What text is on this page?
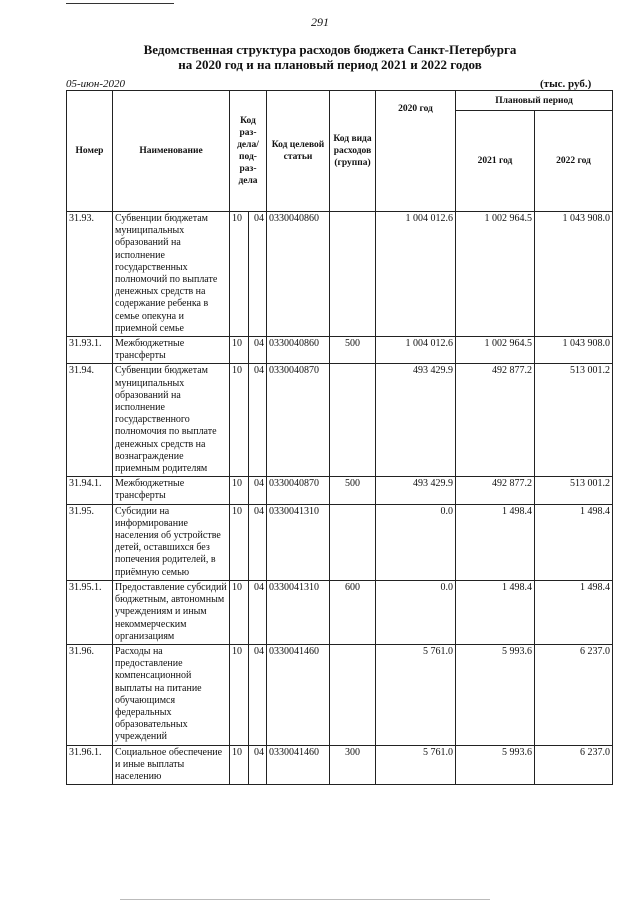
291
Ведомственная структура расходов бюджета Санкт-Петербурга
на 2020 год и на плановый период 2021 и 2022 годов
05-июн-2020	(тыс. руб.)
Номер	Наименование	Код раз- дела/ под- раз- дела		Код целевой статьи	Код вида расходов (группа)	2020 год	Плановый период	
							2021 год	2022 год
31.93.	Субвенции бюджетам муниципальных образований на исполнение государственных полномочий по выплате денежных средств на содержание ребенка в семье опекуна и приемной семье	10	04	0330040860		1 004 012.6	1 002 964.5	1 043 908.0
31.93.1.	Межбюджетные трансферты	10	04	0330040860	500	1 004 012.6	1 002 964.5	1 043 908.0
31.94.	Субвенции бюджетам муниципальных образований на исполнение государственного полномочия по выплате денежных средств на вознаграждение приемным родителям	10	04	0330040870		493 429.9	492 877.2	513 001.2
31.94.1.	Межбюджетные трансферты	10	04	0330040870	500	493 429.9	492 877.2	513 001.2
31.95.	Субсидии на информирование населения об устройстве детей, оставшихся без попечения родителей, в приёмную семью	10	04	0330041310		0.0	1 498.4	1 498.4
31.95.1.	Предоставление субсидий бюджетным, автономным учреждениям и иным некоммерческим организациям	10	04	0330041310	600	0.0	1 498.4	1 498.4
31.96.	Расходы на предоставление компенсационной выплаты на питание обучающимся федеральных образовательных учреждений	10	04	0330041460		5 761.0	5 993.6	6 237.0
31.96.1.	Социальное обеспечение и иные выплаты населению	10	04	0330041460	300	5 761.0	5 993.6	6 237.0
